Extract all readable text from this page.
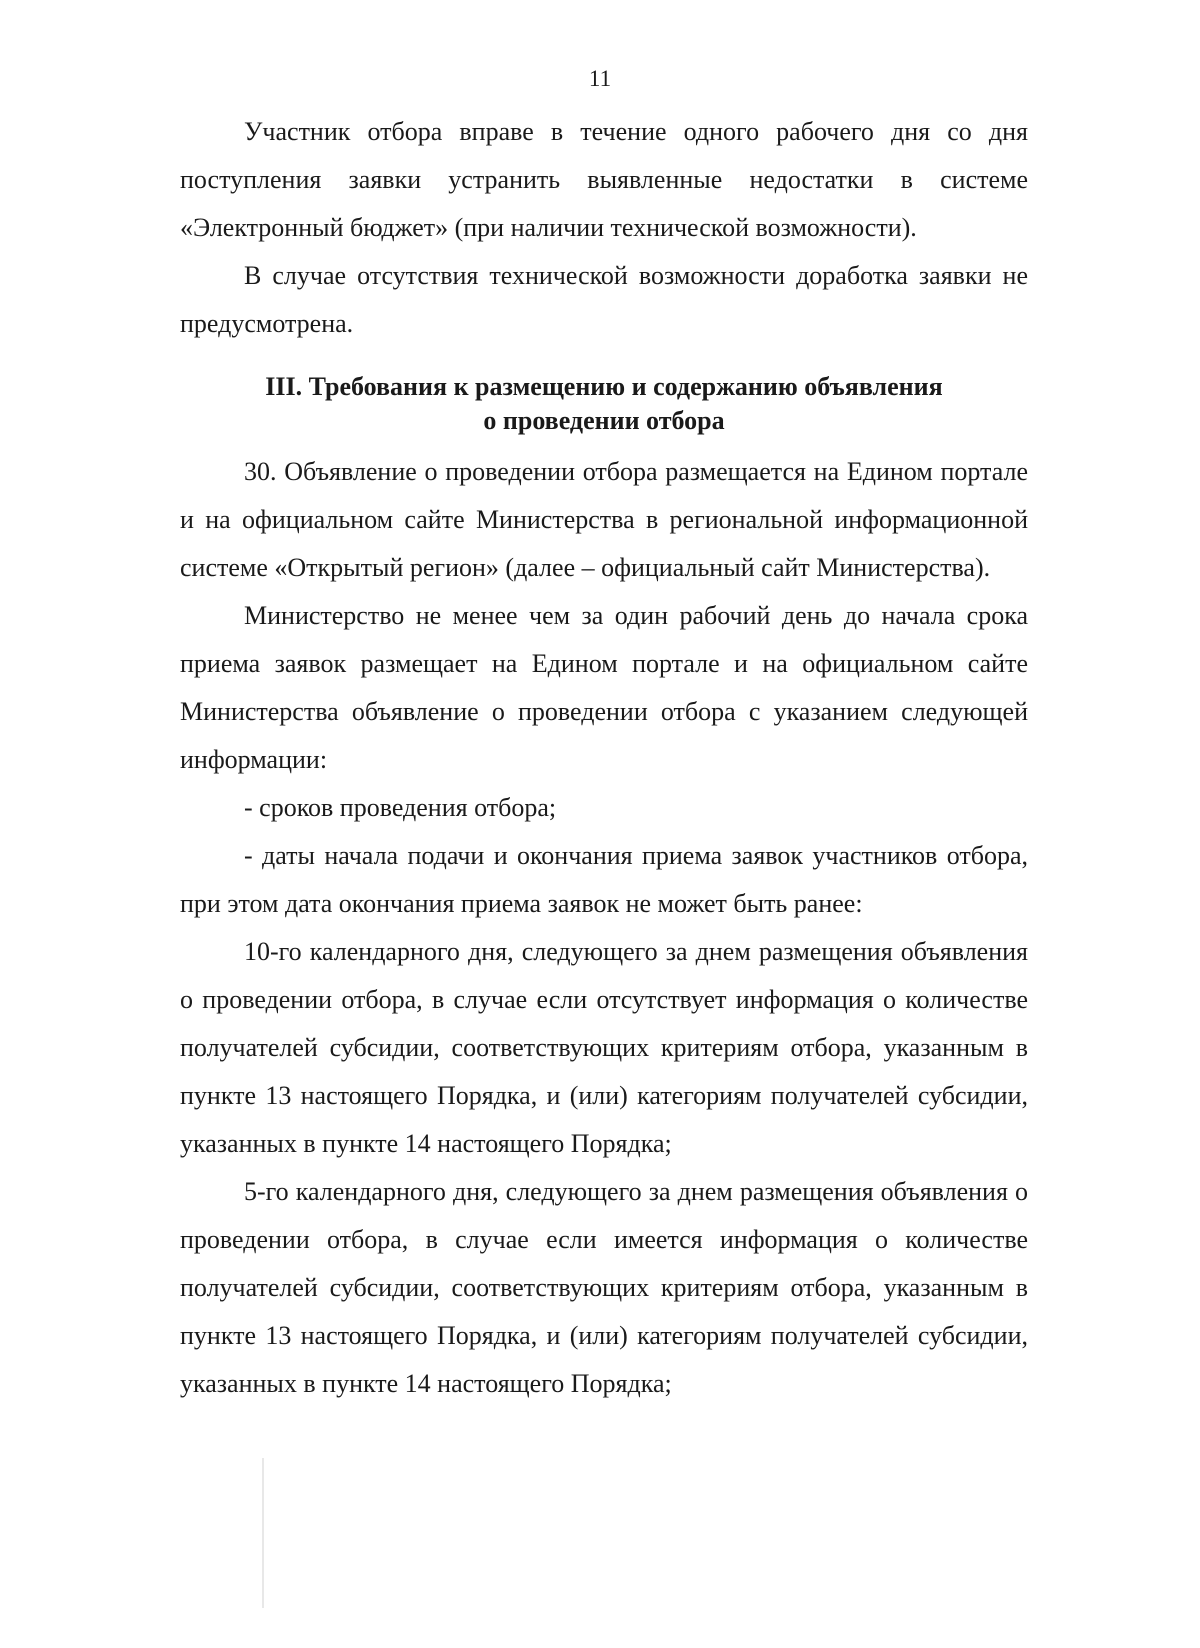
11

Участник отбора вправе в течение одного рабочего дня со дня поступления заявки устранить выявленные недостатки в системе «Электронный бюджет» (при наличии технической возможности).

В случае отсутствия технической возможности доработка заявки не предусмотрена.

III. Требования к размещению и содержанию объявления
о проведении отбора

30. Объявление о проведении отбора размещается на Едином портале и на официальном сайте Министерства в региональной информационной системе «Открытый регион» (далее – официальный сайт Министерства).

Министерство не менее чем за один рабочий день до начала срока приема заявок размещает на Едином портале и на официальном сайте Министерства объявление о проведении отбора с указанием следующей информации:

- сроков проведения отбора;

- даты начала подачи и окончания приема заявок участников отбора, при этом дата окончания приема заявок не может быть ранее:

10-го календарного дня, следующего за днем размещения объявления о проведении отбора, в случае если отсутствует информация о количестве получателей субсидии, соответствующих критериям отбора, указанным в пункте 13 настоящего Порядка, и (или) категориям получателей субсидии, указанных в пункте 14 настоящего Порядка;

5-го календарного дня, следующего за днем размещения объявления о проведении отбора, в случае если имеется информация о количестве получателей субсидии, соответствующих критериям отбора, указанным в пункте 13 настоящего Порядка, и (или) категориям получателей субсидии, указанных в пункте 14 настоящего Порядка;
